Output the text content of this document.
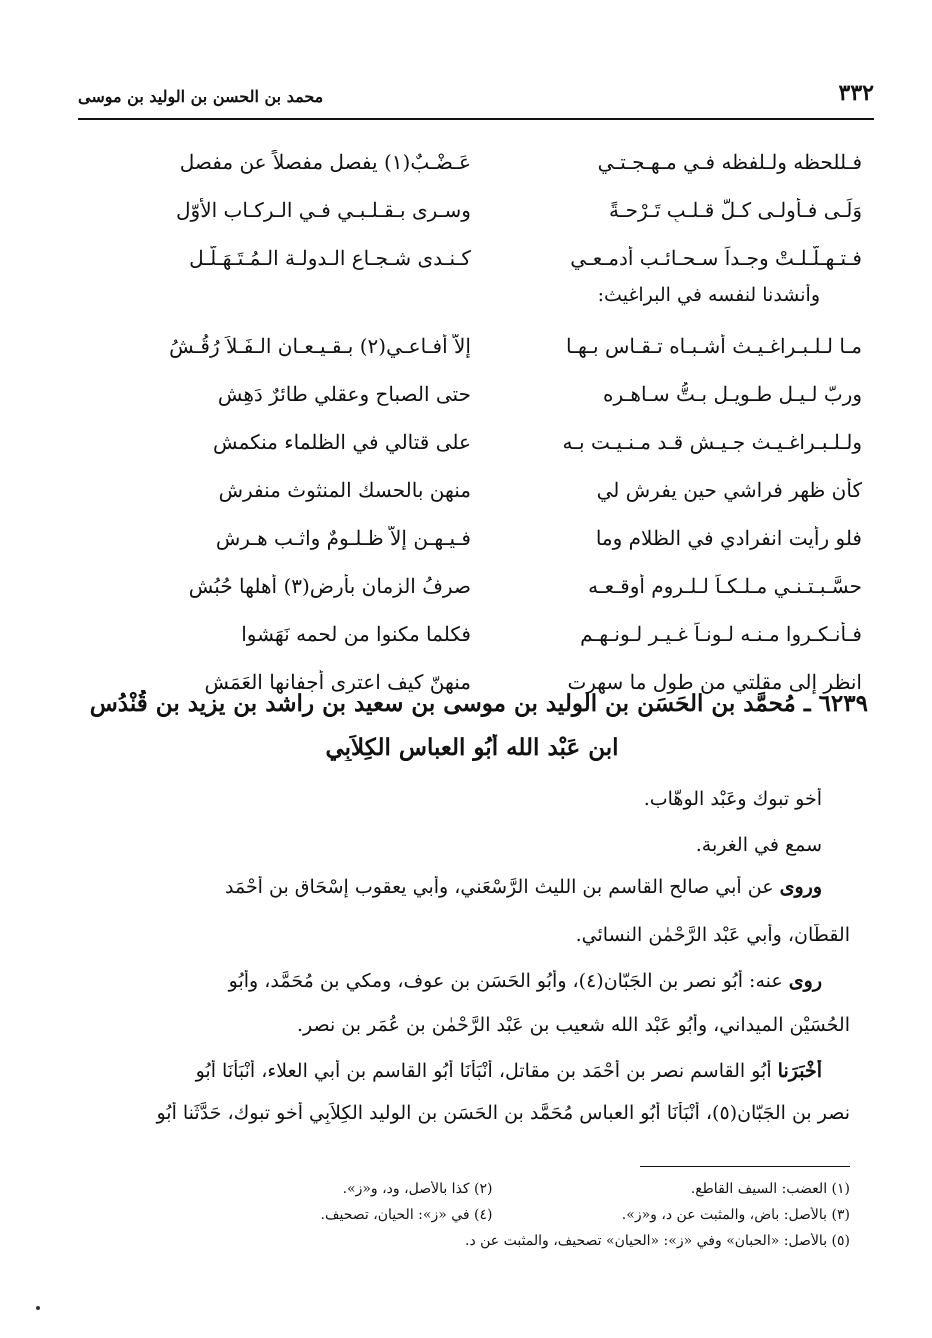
٣٣٢
محمد بن الحسن بن الوليد بن موسى
فـللحظه ولـلفظه فـي مـهـجـتـي
عَـضْـبٌ(١) يفصل مفصلاً عن مفصل
وَلَـى فـأولـى كـلّ قـلـبٍ تَـرْحـةً
وسـرى بـقـلـبـي فـي الـركـاب الأوّل
فـتـهـلّـلـتْ وجـداً سـحـائـب أدمـعـي
كـنـدى شـجـاع الـدولـة الـمُـتَـهَـلّـل
وأنشدنا لنفسه في البراغيث:
مـا لـلـبـراغـيـث أشـبـاه تـقـاس بـهـا
إلاّ أفـاعـي(٢) بـقـيـعـان الـفَـلاَ رُقُـشُ
وربّ لـيـلٍ طـويـلٍ بـتُّ سـاهـره
حتى الصباح وعقلي طائرٌ دَهِش
ولـلـبـراغـيـث جـيـش قـد مـنـيـت بـه
على قتالي في الظلماء منكمش
كأن ظهر فراشي حين يفرش لي
منهن بالحسك المنثوث منفرش
فلو رأيت انفرادي في الظلام وما
فـيـهـن إلاّ ظـلـومٌ واثـب هـرش
حسَّـبـتـنـي مـلـكـاً لـلـروم أوقـعـه
صرفُ الزمان بأرضٍ(٣) أهلها حُبُش
فـأنـكـروا مـنـه لـونـاً غـيـر لـونـهـم
فكلما مكنوا من لحمه نَهَشوا
انظر إلى مقلتي من طول ما سهرت
منهنّ كيف اعترى أجفانها العَمَش
٦٢٣٩ ـ مُحمَّد بن الحَسَن بن الوليد بن موسى بن سعيد بن راشد بن يزيد بن قُنْدُس
ابن عَبْد الله أَبُو العباس الكِلاَبِي
أخو تبوك وعَبْد الوهّاب.
سمع في الغربة.
وروى عن أَبي صالح القاسم بن الليث الرَّسْعَني، وأَبي يعقوب إِسْحَاق بن أَحْمَد
القطّان، وأَبي عَبْد الرَّحْمٰن النسائي.
روى عنه: أَبُو نصر بن الجَبّان(٤)، وأَبُو الحَسَن بن عوف، ومكي بن مُحَمَّد، وأَبُو
الحُسَيْن الميداني، وأَبُو عَبْد الله شعيب بن عَبْد الرَّحْمٰن بن عُمَر بن نصر.
أَخْبَرَنا أَبُو القاسم نصر بن أَحْمَد بن مقاتل، أَنْبَأنَا أَبُو القاسم بن أَبي العلاء، أَنْبَأنَا أَبُو
نصر بن الجَبّان(٥)، أَنْبَأنَا أَبُو العباس مُحَمَّد بن الحَسَن بن الوليد الكِلاَبِي أخو تبوك، حَدَّثَنا أَبُو
(١) العضب: السيف القاطع.
(٢) كذا بالأصل، ود، و«ز».
(٣) بالأصل: باض، والمثبت عن د، و«ز».
(٤) في «ز»: الحيان، تصحيف.
(٥) بالأصل: «الحبان» وفي «ز»: «الحيان» تصحيف، والمثبت عن د.
